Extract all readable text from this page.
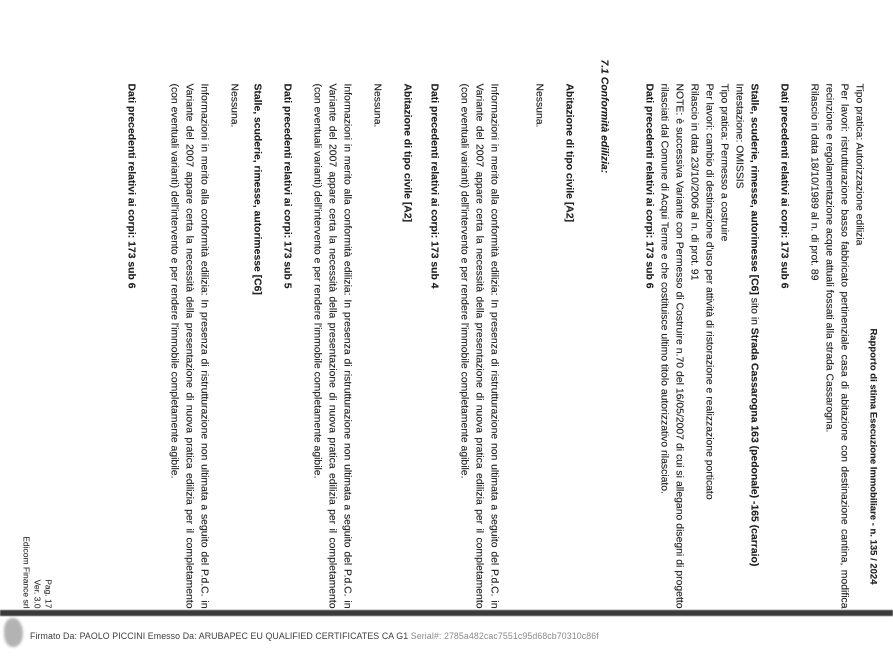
Rapporto di stima Esecuzione Immobiliare - n. 135 / 2024

Tipo pratica: Autorizzazione edilizia

Per lavori: ristrutturazione basso fabbricato pertinenziale casa di abitazione con destinazione cantina, modifica recinzione e regolamentazione acque attuali fossati alla strada Cassarogna.

Rilascio in data 18/10/1989 al n. di prot. 89

Dati precedenti relativi ai corpi: 173 sub 6

Stalle, scuderie, rimesse, autorimesse [C6] sito in Strada Cassarogna 163 (pedonale) -165 (carraio)

Intestazione: OMISSIS

Tipo pratica: Permesso a costruire

Per lavori: cambio di destinazione d'uso per attività di ristorazione e realizzazione porticato

Rilascio in data 23/10/2006 al n. di prot. 91

NOTE: è successiva Variante con Permesso di Costruire n.70 del 16/05/2007 di cui si allegano disegni di progetto rilasciati dal Comune di Acqui Terme e che costituisce ultimo titolo autorizzativo rilasciato.

Dati precedenti relativi ai corpi: 173 sub 6

7.1 Conformità edilizia:

Abitazione di tipo civile [A2]

Nessuna.

Informazioni in merito alla conformità edilizia: In presenza di ristrutturazione non ultimata a seguito del P.d.C. in Variante del 2007 appare certa la necessità della presentazione di nuova pratica edilizia per il completamento (con eventuali varianti) dell'intervento e per rendere l'immobile completamente agibile.

Dati precedenti relativi ai corpi: 173 sub 4

Abitazione di tipo civile [A2]

Nessuna.

Informazioni in merito alla conformità edilizia: In presenza di ristrutturazione non ultimata a seguito del P.d.C. in Variante del 2007 appare certa la necessità della presentazione di nuova pratica edilizia per il completamento (con eventuali varianti) dell'intervento e per rendere l'immobile completamente agibile.

Dati precedenti relativi ai corpi: 173 sub 5

Stalle, scuderie, rimesse, autorimesse [C6]

Nessuna.

Informazioni in merito alla conformità edilizia: In presenza di ristrutturazione non ultimata a seguito del P.d.C. in Variante del 2007 appare certa la necessità della presentazione di nuova pratica edilizia per il completamento (con eventuali varianti) dell'intervento e per rendere l'immobile completamente agibile.

Dati precedenti relativi ai corpi: 173 sub 6

Pag. 17
Ver. 3.0
Edicom Finance srl
Firmato Da: PAOLO PICCINI Emesso Da: ARUBAPEC EU QUALIFIED CERTIFICATES CA G1 Serial#: 2785a482cac7551c95d68cb70310c86f
